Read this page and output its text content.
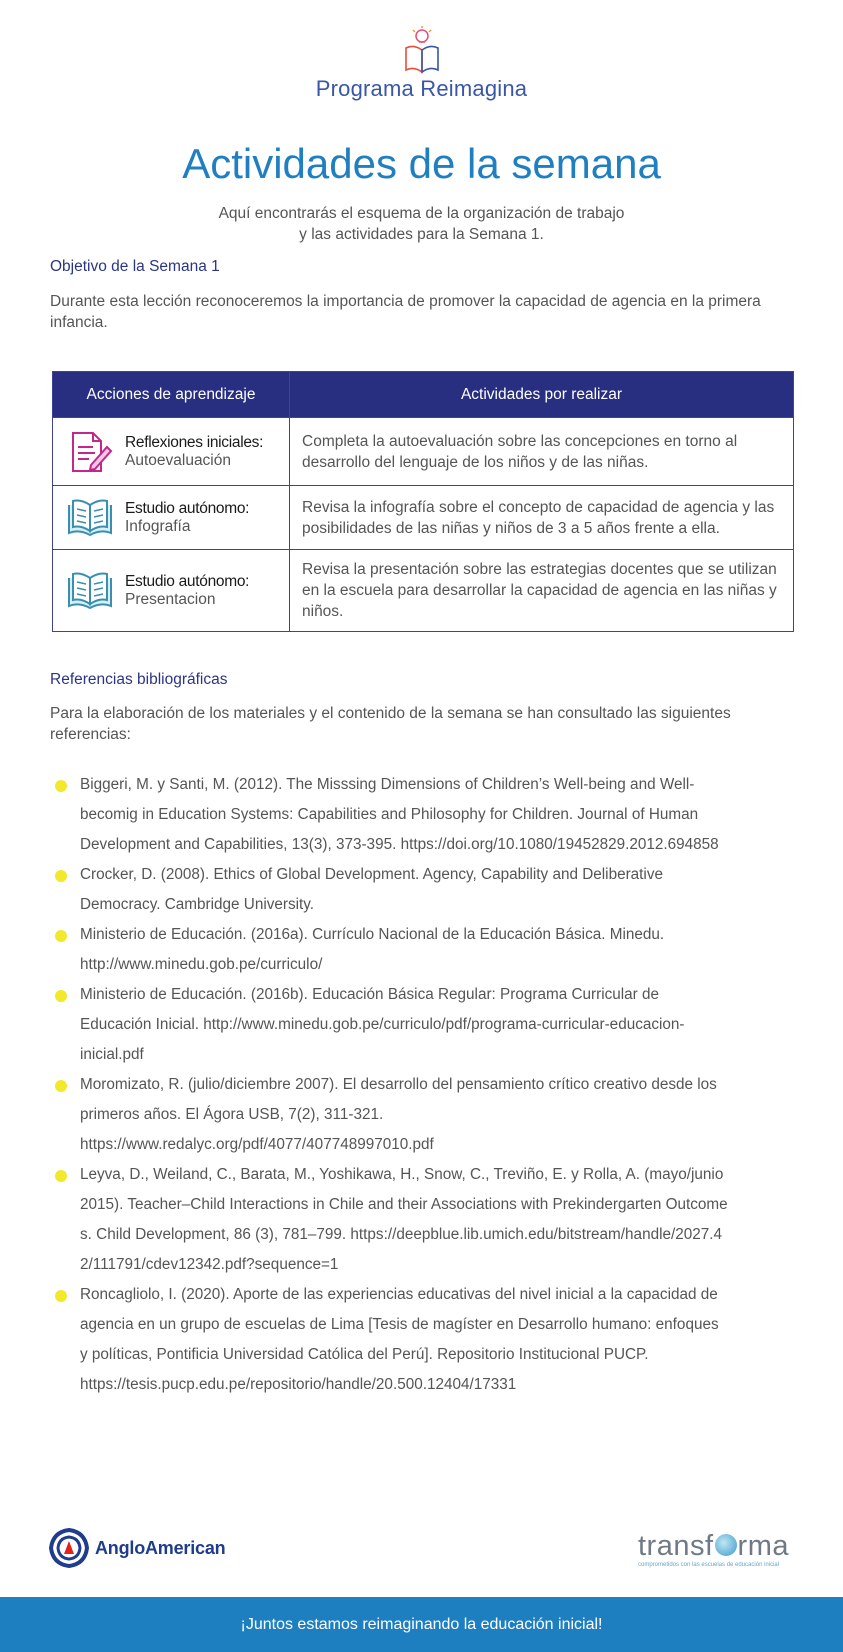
Programa Reimagina
Actividades de la semana
Aquí encontrarás el esquema de la organización de trabajo
y las actividades para la Semana 1.
Objetivo de la Semana 1
Durante esta lección reconoceremos la importancia de promover la capacidad de agencia en la primera infancia.
Acciones de aprendizaje	Actividades por realizar

Reflexiones iniciales:
Autoevaluación	Completa la autoevaluación sobre las concepciones en torno al desarrollo del lenguaje de los niños y de las niñas.

Estudio autónomo:
Infografía	Revisa la infografía sobre el concepto de capacidad de agencia y las posibilidades de las niñas y niños de 3 a 5 años frente a ella.

Estudio autónomo:
Presentacion	Revisa la presentación sobre las estrategias docentes que se utilizan en la escuela para desarrollar la capacidad de agencia en las niñas y niños.
Referencias bibliográficas
Para la elaboración de los materiales y el contenido de la semana se han consultado las siguientes referencias:
Biggeri, M. y Santi, M. (2012). The Misssing Dimensions of Children’s Well-being and Well-becomig in Education Systems: Capabilities and Philosophy for Children. Journal of Human Development and Capabilities, 13(3), 373-395. https://doi.org/10.1080/19452829.2012.694858
Crocker, D. (2008). Ethics of Global Development. Agency, Capability and Deliberative Democracy. Cambridge University.
Ministerio de Educación. (2016a). Currículo Nacional de la Educación Básica. Minedu. http://www.minedu.gob.pe/curriculo/
Ministerio de Educación. (2016b). Educación Básica Regular: Programa Curricular de Educación Inicial. http://www.minedu.gob.pe/curriculo/pdf/programa-curricular-educacion-inicial.pdf
Moromizato, R. (julio/diciembre 2007). El desarrollo del pensamiento crítico creativo desde los primeros años. El Ágora USB, 7(2), 311-321. https://www.redalyc.org/pdf/4077/407748997010.pdf
Leyva, D., Weiland, C., Barata, M., Yoshikawa, H., Snow, C., Treviño, E. y Rolla, A. (mayo/junio 2015). Teacher–Child Interactions in Chile and their Associations with Prekindergarten Outcomes. Child Development, 86 (3), 781–799. https://deepblue.lib.umich.edu/bitstream/handle/2027.42/111791/cdev12342.pdf?sequence=1
Roncagliolo, I. (2020). Aporte de las experiencias educativas del nivel inicial a la capacidad de agencia en un grupo de escuelas de Lima [Tesis de magíster en Desarrollo humano: enfoques y políticas, Pontificia Universidad Católica del Perú]. Repositorio Institucional PUCP. https://tesis.pucp.edu.pe/repositorio/handle/20.500.12404/17331
AngloAmerican	transf rma
comprometidos con las escuelas de educación inicial
¡Juntos estamos reimaginando la educación inicial!
